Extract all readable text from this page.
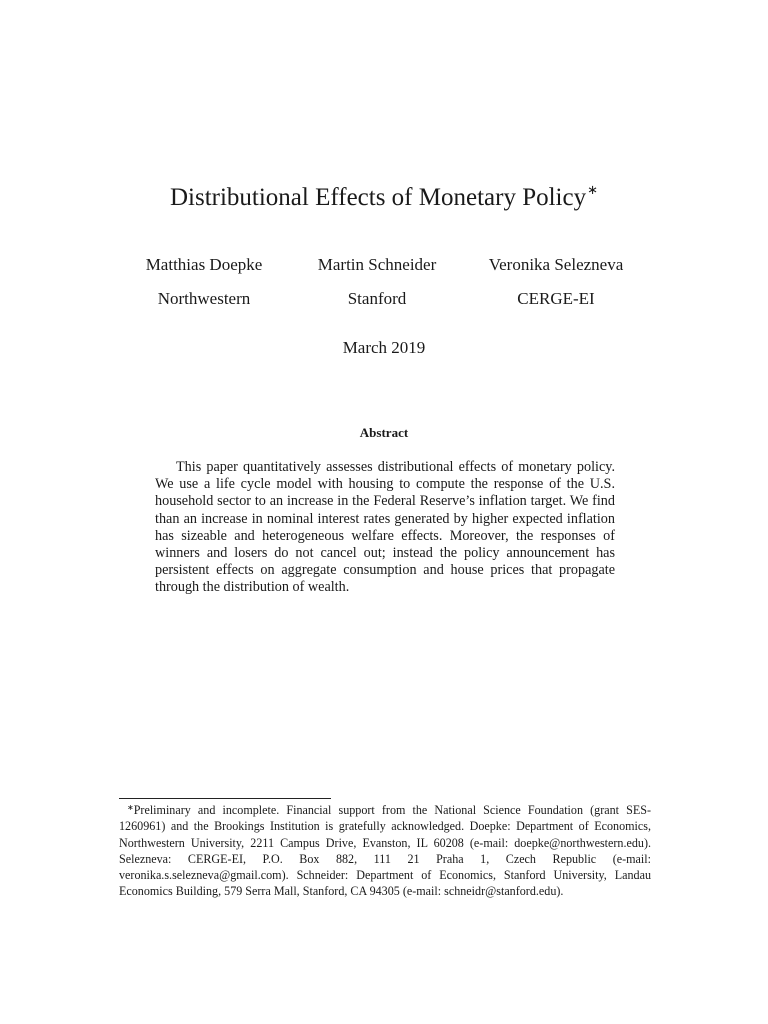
Distributional Effects of Monetary Policy∗
Matthias Doepke
Northwestern
Martin Schneider
Stanford
Veronika Selezneva
CERGE-EI
March 2019
Abstract

This paper quantitatively assesses distributional effects of monetary policy. We use a life cycle model with housing to compute the response of the U.S. household sector to an increase in the Federal Reserve’s inflation target. We find than an increase in nominal interest rates generated by higher expected inflation has sizeable and heterogeneous welfare effects. Moreover, the responses of winners and losers do not cancel out; instead the policy announcement has persistent effects on aggregate consumption and house prices that propagate through the distribution of wealth.

∗Preliminary and incomplete. Financial support from the National Science Foundation (grant SES-1260961) and the Brookings Institution is gratefully acknowledged. Doepke: Department of Economics, Northwestern University, 2211 Campus Drive, Evanston, IL 60208 (e-mail: doepke@northwestern.edu). Selezneva: CERGE-EI, P.O. Box 882, 111 21 Praha 1, Czech Republic (e-mail: veronika.s.selezneva@gmail.com). Schneider: Department of Economics, Stanford University, Landau Economics Building, 579 Serra Mall, Stanford, CA 94305 (e-mail: schneidr@stanford.edu).
